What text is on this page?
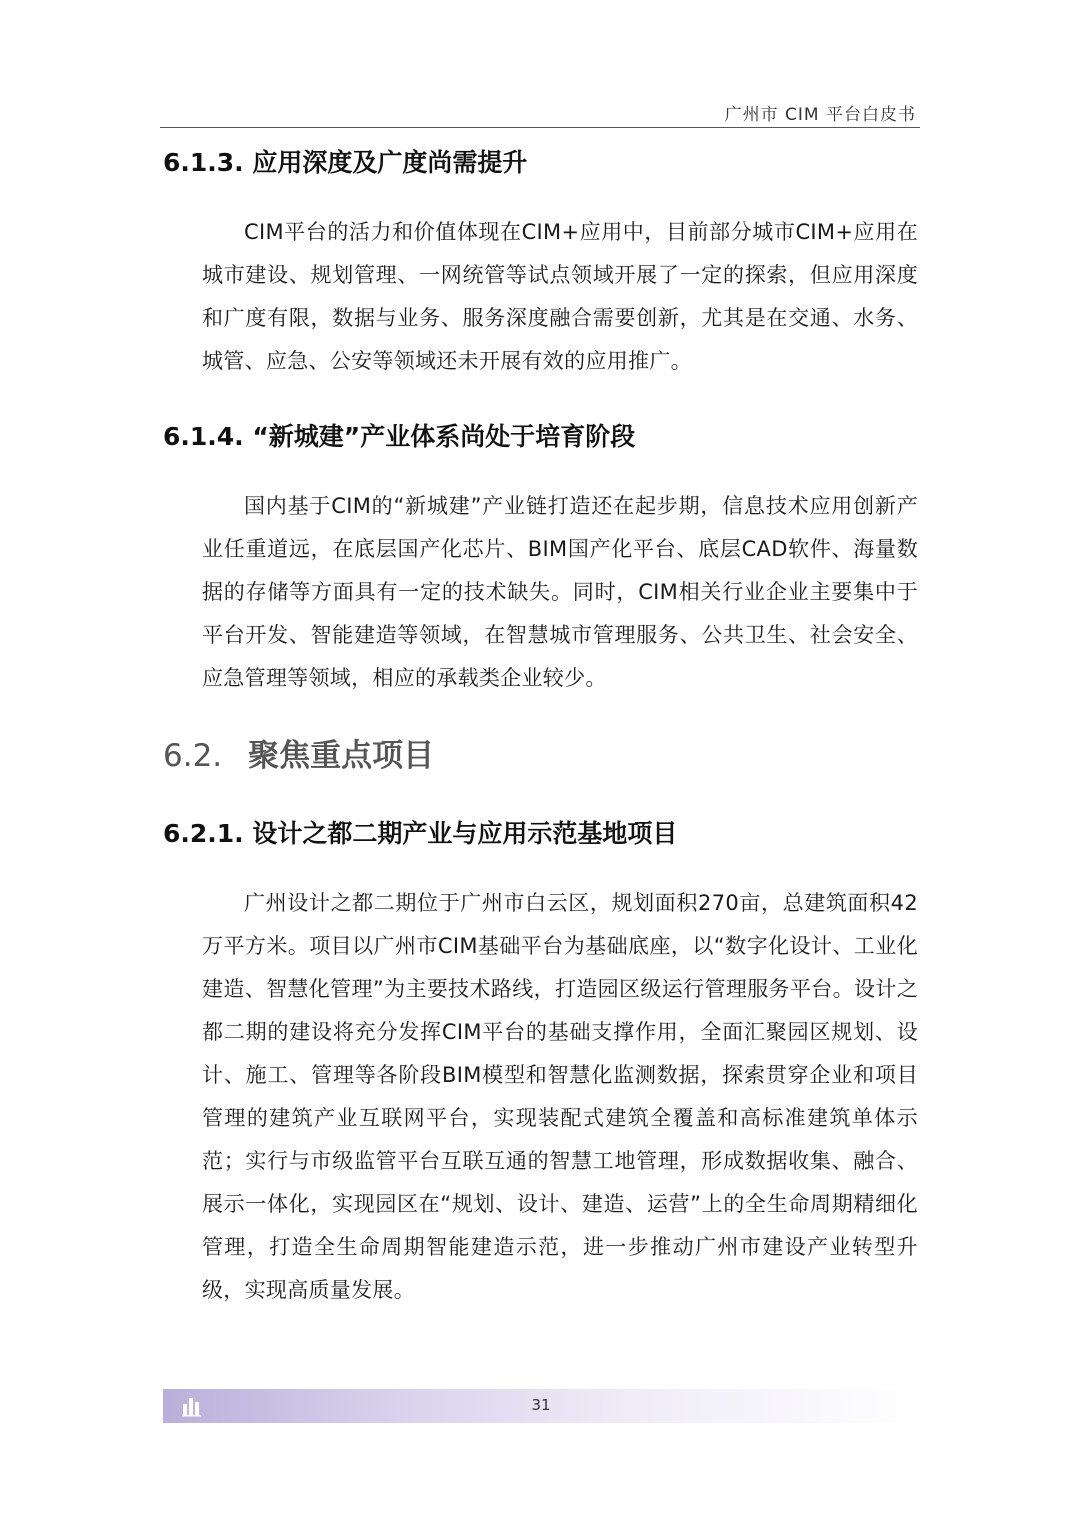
广州市 CIM 平台白皮书
6.1.3. 应用深度及广度尚需提升

CIM平台的活力和价值体现在CIM+应用中，目前部分城市CIM+应用在城市建设、规划管理、一网统管等试点领域开展了一定的探索，但应用深度和广度有限，数据与业务、服务深度融合需要创新，尤其是在交通、水务、城管、应急、公安等领域还未开展有效的应用推广。

6.1.4. “新城建”产业体系尚处于培育阶段

国内基于CIM的“新城建”产业链打造还在起步期，信息技术应用创新产业任重道远，在底层国产化芯片、BIM国产化平台、底层CAD软件、海量数据的存储等方面具有一定的技术缺失。同时，CIM相关行业企业主要集中于平台开发、智能建造等领域，在智慧城市管理服务、公共卫生、社会安全、应急管理等领域，相应的承载类企业较少。

6.2. 聚焦重点项目
6.2.1. 设计之都二期产业与应用示范基地项目

广州设计之都二期位于广州市白云区，规划面积270亩，总建筑面积42万平方米。项目以广州市CIM基础平台为基础底座，以“数字化设计、工业化建造、智慧化管理”为主要技术路线，打造园区级运行管理服务平台。设计之都二期的建设将充分发挥CIM平台的基础支撑作用，全面汇聚园区规划、设计、施工、管理等各阶段BIM模型和智慧化监测数据，探索贯穿企业和项目管理的建筑产业互联网平台，实现装配式建筑全覆盖和高标准建筑单体示范；实行与市级监管平台互联互通的智慧工地管理，形成数据收集、融合、展示一体化，实现园区在“规划、设计、建造、运营”上的全生命周期精细化管理，打造全生命周期智能建造示范，进一步推动广州市建设产业转型升级，实现高质量发展。

31
